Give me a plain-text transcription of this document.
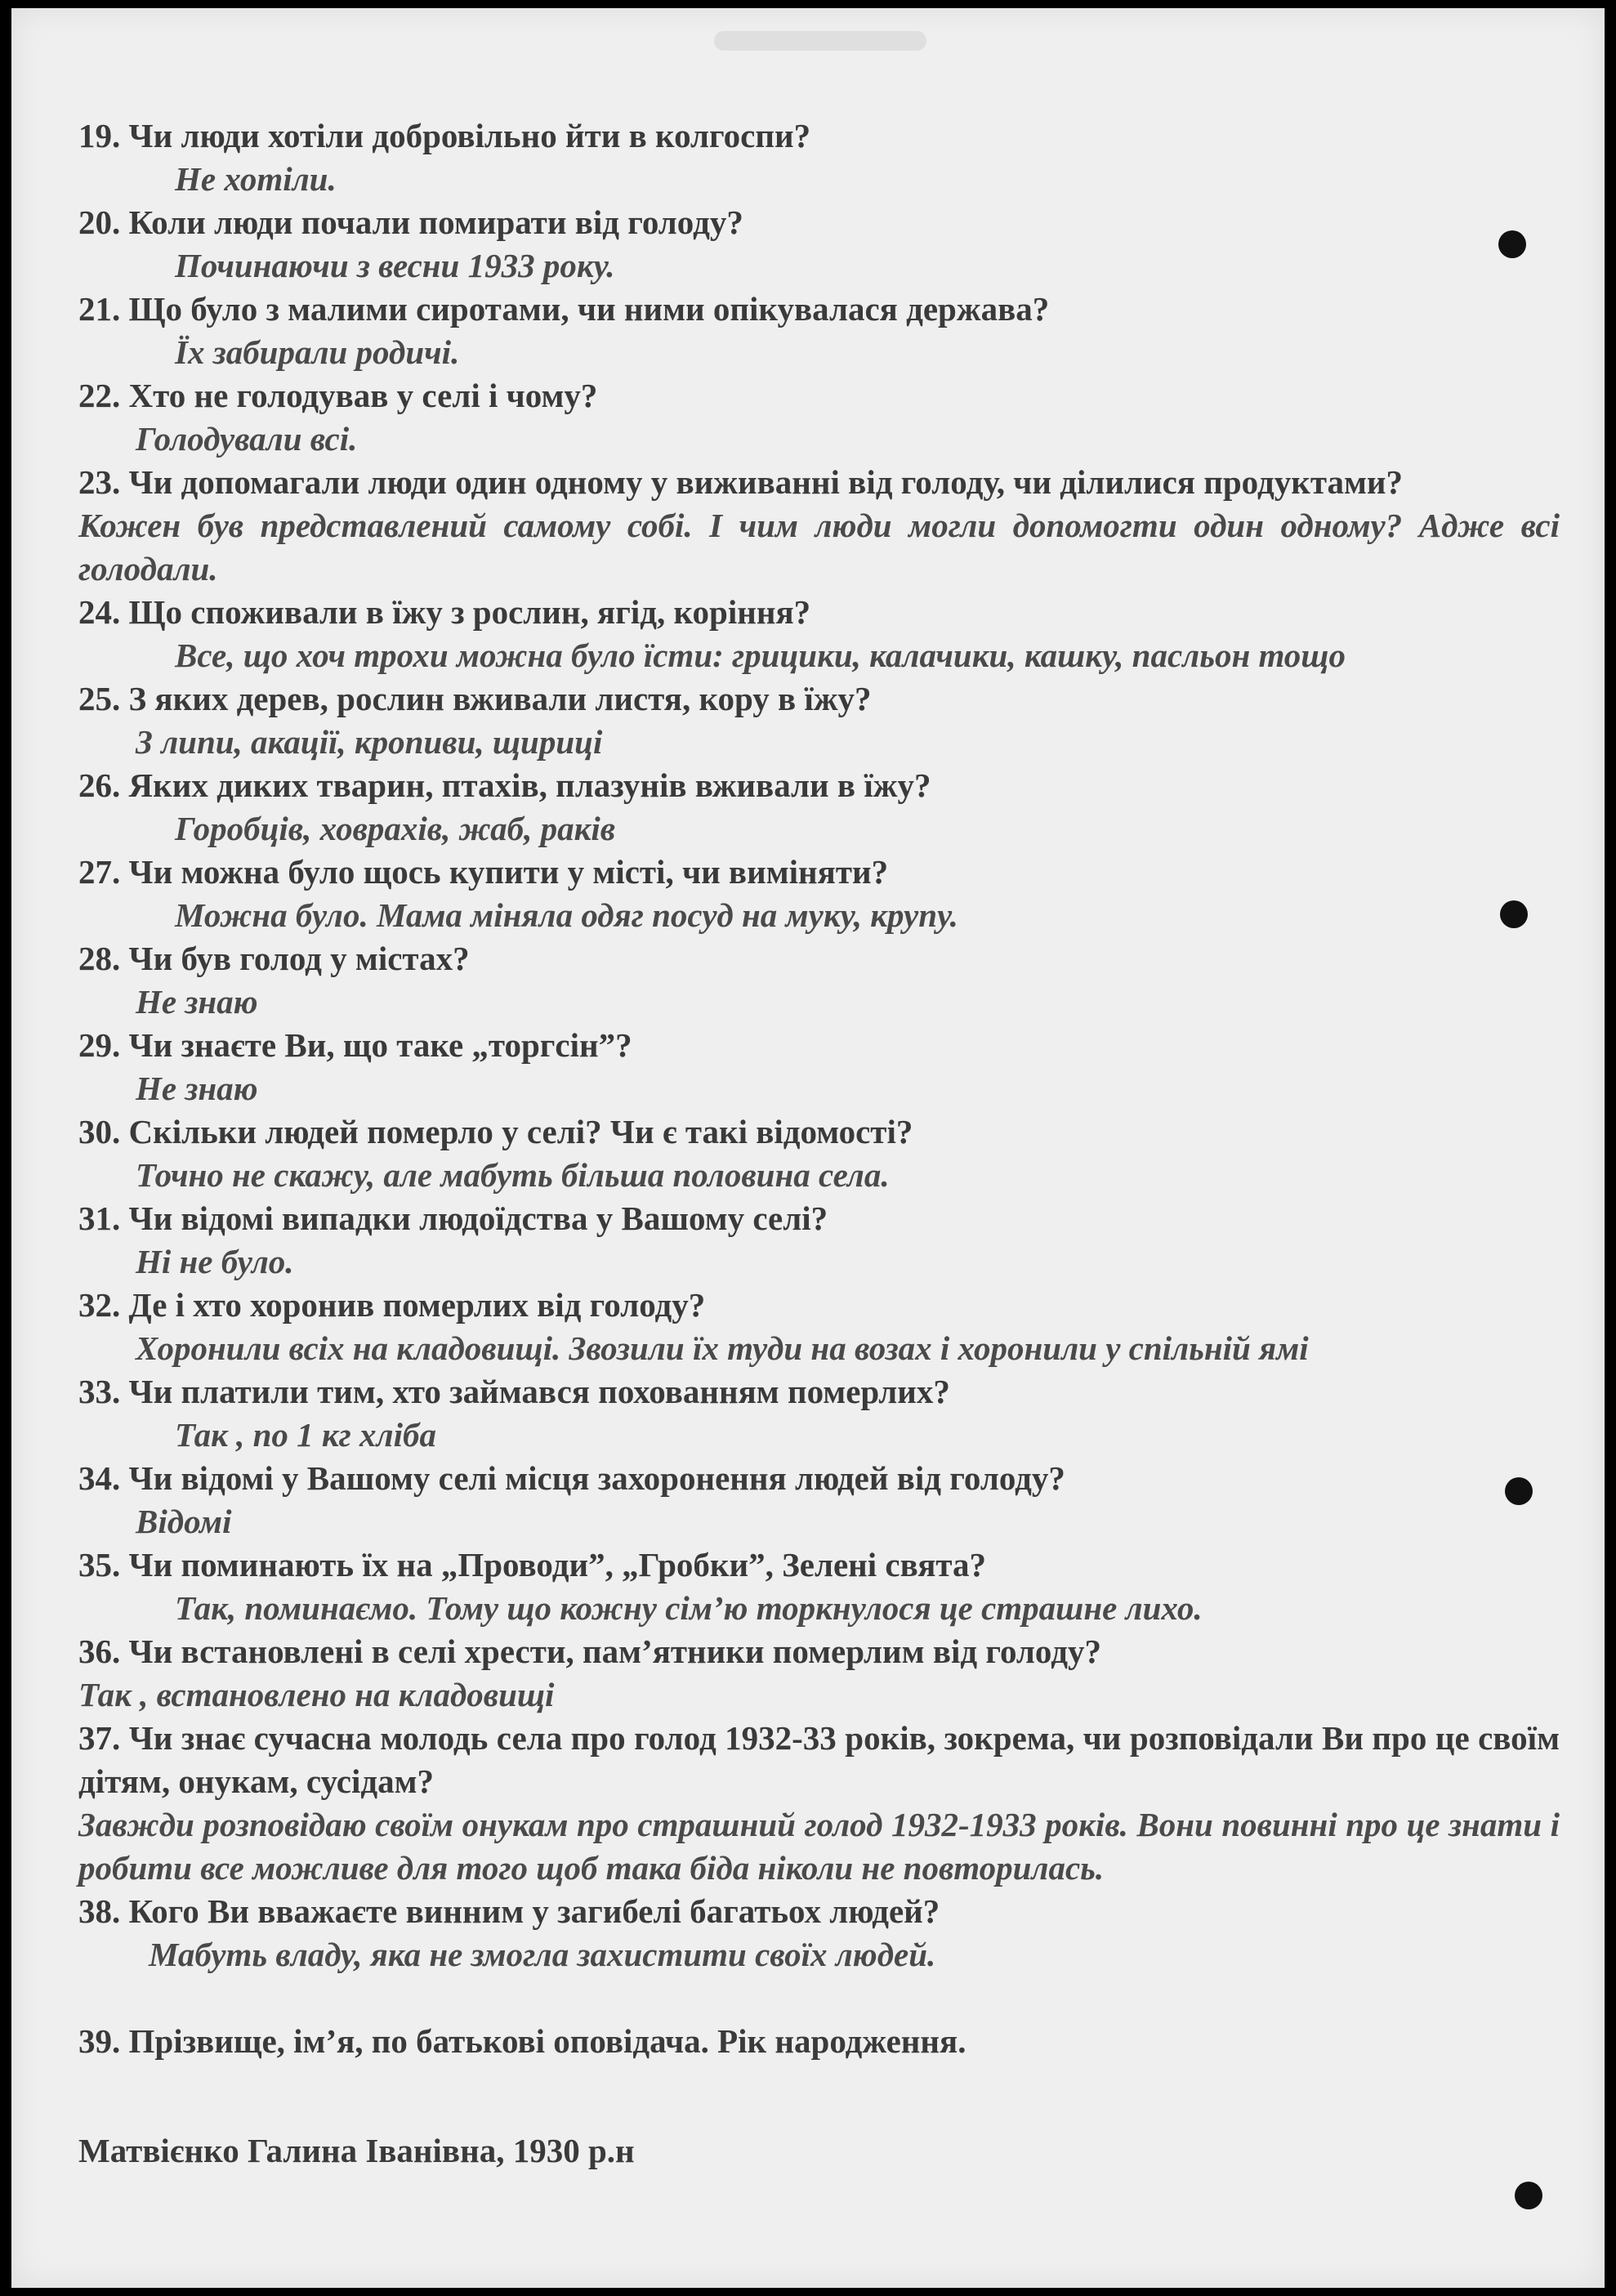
19. Чи люди хотіли добровільно йти в колгоспи?
Не хотіли.
20. Коли люди почали помирати від голоду?
Починаючи з весни 1933 року.
21. Що було з малими сиротами, чи ними опікувалася держава?
Їх забирали родичі.
22. Хто не голодував у селі і чому?
Голодували всі.
23. Чи допомагали люди один одному у виживанні від голоду, чи ділилися продуктами?
Кожен був представлений самому собі. І чим люди могли допомогти один одному? Адже всі голодали.
24. Що споживали в їжу з рослин, ягід, коріння?
Все, що хоч трохи можна було їсти: грицики, калачики, кашку, пасльон тощо
25. З яких дерев, рослин вживали листя, кору в їжу?
З липи, акації, кропиви, щириці
26. Яких диких тварин, птахів, плазунів вживали в їжу?
Горобців, ховрахів, жаб, раків
27. Чи можна було щось купити у місті, чи виміняти?
Можна було. Мама міняла одяг посуд на муку, крупу.
28. Чи був голод у містах?
Не знаю
29. Чи знаєте Ви, що таке „торгсін”?
Не знаю
30. Скільки людей померло у селі? Чи є такі відомості?
Точно не скажу, але мабуть більша половина села.
31. Чи відомі випадки людоїдства у Вашому селі?
Ні не було.
32. Де і хто хоронив померлих від голоду?
Хоронили всіх на кладовищі. Звозили їх туди на возах і хоронили у спільній ямі
33. Чи платили тим, хто займався похованням померлих?
Так , по 1 кг хліба
34. Чи відомі у Вашому селі місця захоронення людей від голоду?
Відомі
35. Чи поминають їх на „Проводи”, „Гробки”, Зелені свята?
Так, поминаємо. Тому що кожну сім’ю торкнулося це страшне лихо.
36. Чи встановлені в селі хрести, пам’ятники померлим від голоду?
Так , встановлено на кладовищі
37. Чи знає сучасна молодь села про голод 1932-33 років, зокрема, чи розповідали Ви про це своїм дітям, онукам, сусідам?
Завжди розповідаю своїм онукам про страшний голод 1932-1933 років. Вони повинні про це знати і робити все можливе для того щоб така біда ніколи не повторилась.
38. Кого Ви вважаєте винним у загибелі багатьох людей?
Мабуть владу, яка не змогла захистити своїх людей.
39. Прізвище, ім’я, по батькові оповідача. Рік народження.
Матвієнко Галина Іванівна, 1930 р.н
